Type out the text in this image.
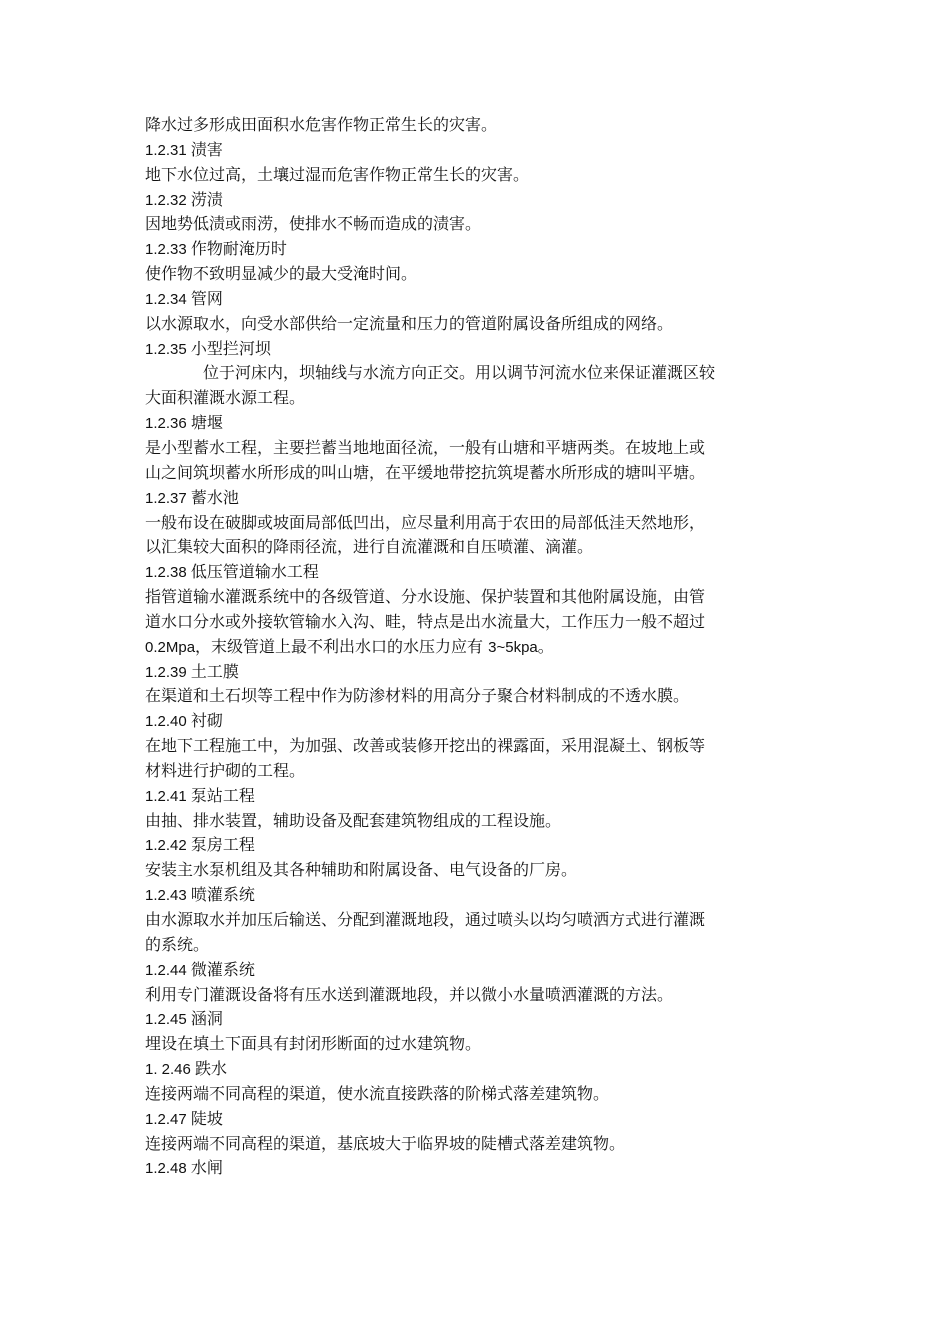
降水过多形成田面积水危害作物正常生长的灾害。
1.2.31 渍害
地下水位过高，土壤过湿而危害作物正常生长的灾害。
1.2.32 涝渍
因地势低渍或雨涝，使排水不畅而造成的渍害。
1.2.33 作物耐淹历时
使作物不致明显减少的最大受淹时间。
1.2.34 管网
以水源取水，向受水部供给一定流量和压力的管道附属设备所组成的网络。
1.2.35 小型拦河坝
位于河床内，坝轴线与水流方向正交。用以调节河流水位来保证灌溉区较
大面积灌溉水源工程。
1.2.36 塘堰
是小型蓄水工程，主要拦蓄当地地面径流，一般有山塘和平塘两类。在坡地上或
山之间筑坝蓄水所形成的叫山塘，在平缓地带挖抗筑堤蓄水所形成的塘叫平塘。
1.2.37 蓄水池
一般布设在破脚或坡面局部低凹出，应尽量利用高于农田的局部低洼天然地形，
以汇集较大面积的降雨径流，进行自流灌溉和自压喷灌、滴灌。
1.2.38 低压管道输水工程
指管道输水灌溉系统中的各级管道、分水设施、保护装置和其他附属设施，由管
道水口分水或外接软管输水入沟、畦，特点是出水流量大，工作压力一般不超过
0.2Mpa，末级管道上最不利出水口的水压力应有 3~5kpa。
1.2.39 土工膜
在渠道和土石坝等工程中作为防渗材料的用高分子聚合材料制成的不透水膜。
1.2.40 衬砌
在地下工程施工中，为加强、改善或装修开挖出的裸露面，采用混凝土、钢板等
材料进行护砌的工程。
1.2.41 泵站工程
由抽、排水装置，辅助设备及配套建筑物组成的工程设施。
1.2.42 泵房工程
安装主水泵机组及其各种辅助和附属设备、电气设备的厂房。
1.2.43 喷灌系统
由水源取水并加压后输送、分配到灌溉地段，通过喷头以均匀喷洒方式进行灌溉
的系统。
1.2.44 微灌系统
利用专门灌溉设备将有压水送到灌溉地段，并以微小水量喷洒灌溉的方法。
1.2.45 涵洞
埋设在填土下面具有封闭形断面的过水建筑物。
1. 2.46 跌水
连接两端不同高程的渠道，使水流直接跌落的阶梯式落差建筑物。
1.2.47 陡坡
连接两端不同高程的渠道，基底坡大于临界坡的陡槽式落差建筑物。
1.2.48 水闸
